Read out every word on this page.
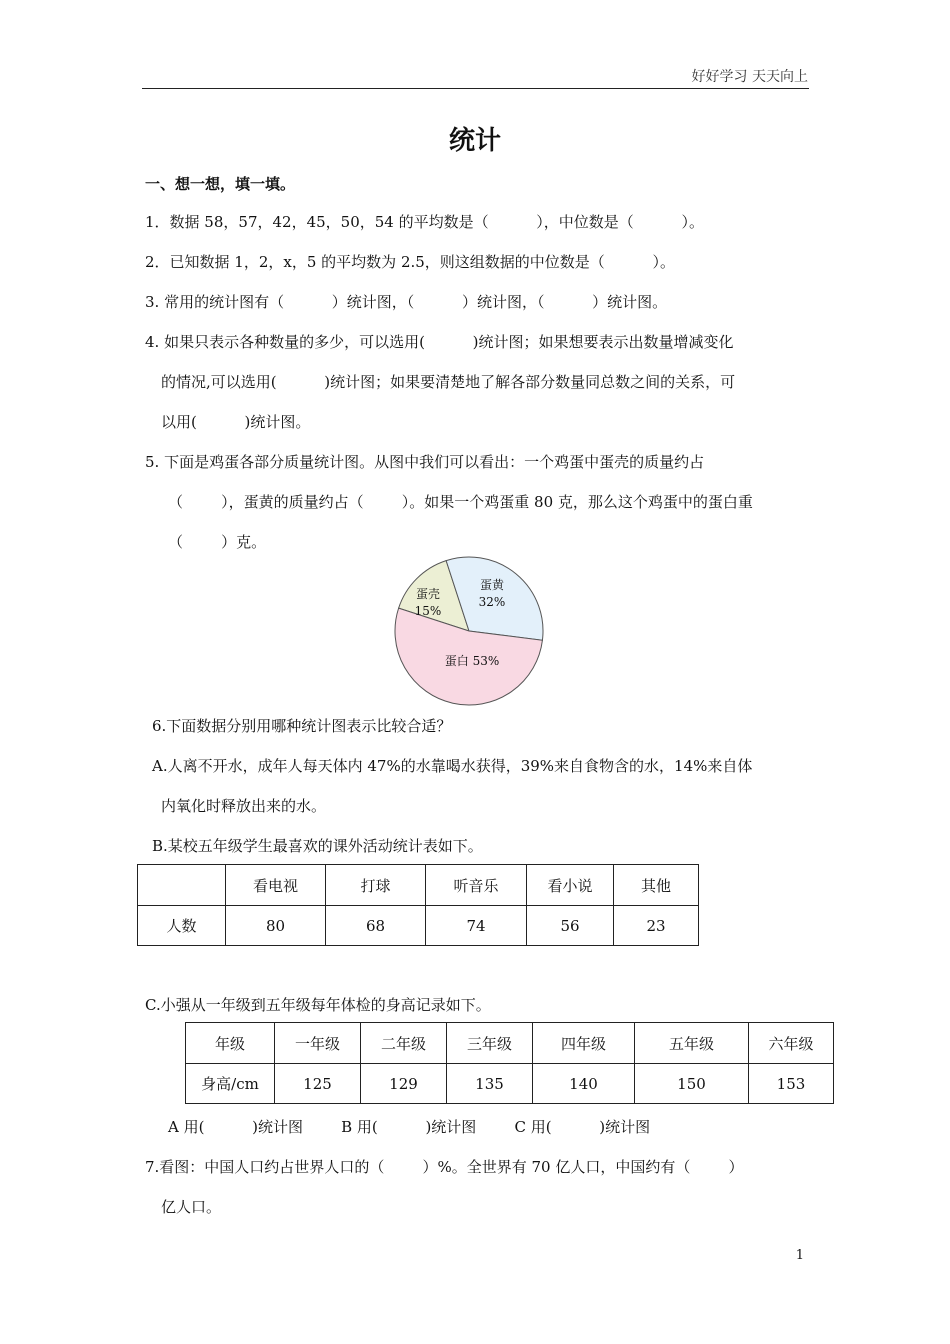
好好学习 天天向上
统计
一、想一想，填一填。
1．数据 58，57，42，45，50，54 的平均数是（          ），中位数是（          ）。
2．已知数据 1，2，x，5 的平均数为 2.5，则这组数据的中位数是（          ）。
3. 常用的统计图有（          ）统计图，（          ）统计图，（          ）统计图。
4. 如果只表示各种数量的多少，可以选用(          )统计图；如果想要表示出数量增减变化
的情况,可以选用(          )统计图；如果要清楚地了解各部分数量同总数之间的关系，可
以用(          )统计图。
5. 下面是鸡蛋各部分质量统计图。从图中我们可以看出：一个鸡蛋中蛋壳的质量约占
（        ），蛋黄的质量约占（        ）。如果一个鸡蛋重 80 克，那么这个鸡蛋中的蛋白重
（        ）克。
蛋壳
15%
蛋黄
32%
蛋白 53%
6.下面数据分别用哪种统计图表示比较合适？
A.人离不开水，成年人每天体内 47%的水靠喝水获得，39%来自食物含的水，14%来自体
内氧化时释放出来的水。
B.某校五年级学生最喜欢的课外活动统计表如下。
	看电视	打球	听音乐	看小说	其他
人数	80	68	74	56	23
C.小强从一年级到五年级每年体检的身高记录如下。
年级	一年级	二年级	三年级	四年级	五年级	六年级
身高/cm	125	129	135	140	150	153
A 用(          )统计图        B 用(          )统计图        C 用(          )统计图
7.看图：中国人口约占世界人口的（        ）%。全世界有 70 亿人口，中国约有（        ）
亿人口。
1
